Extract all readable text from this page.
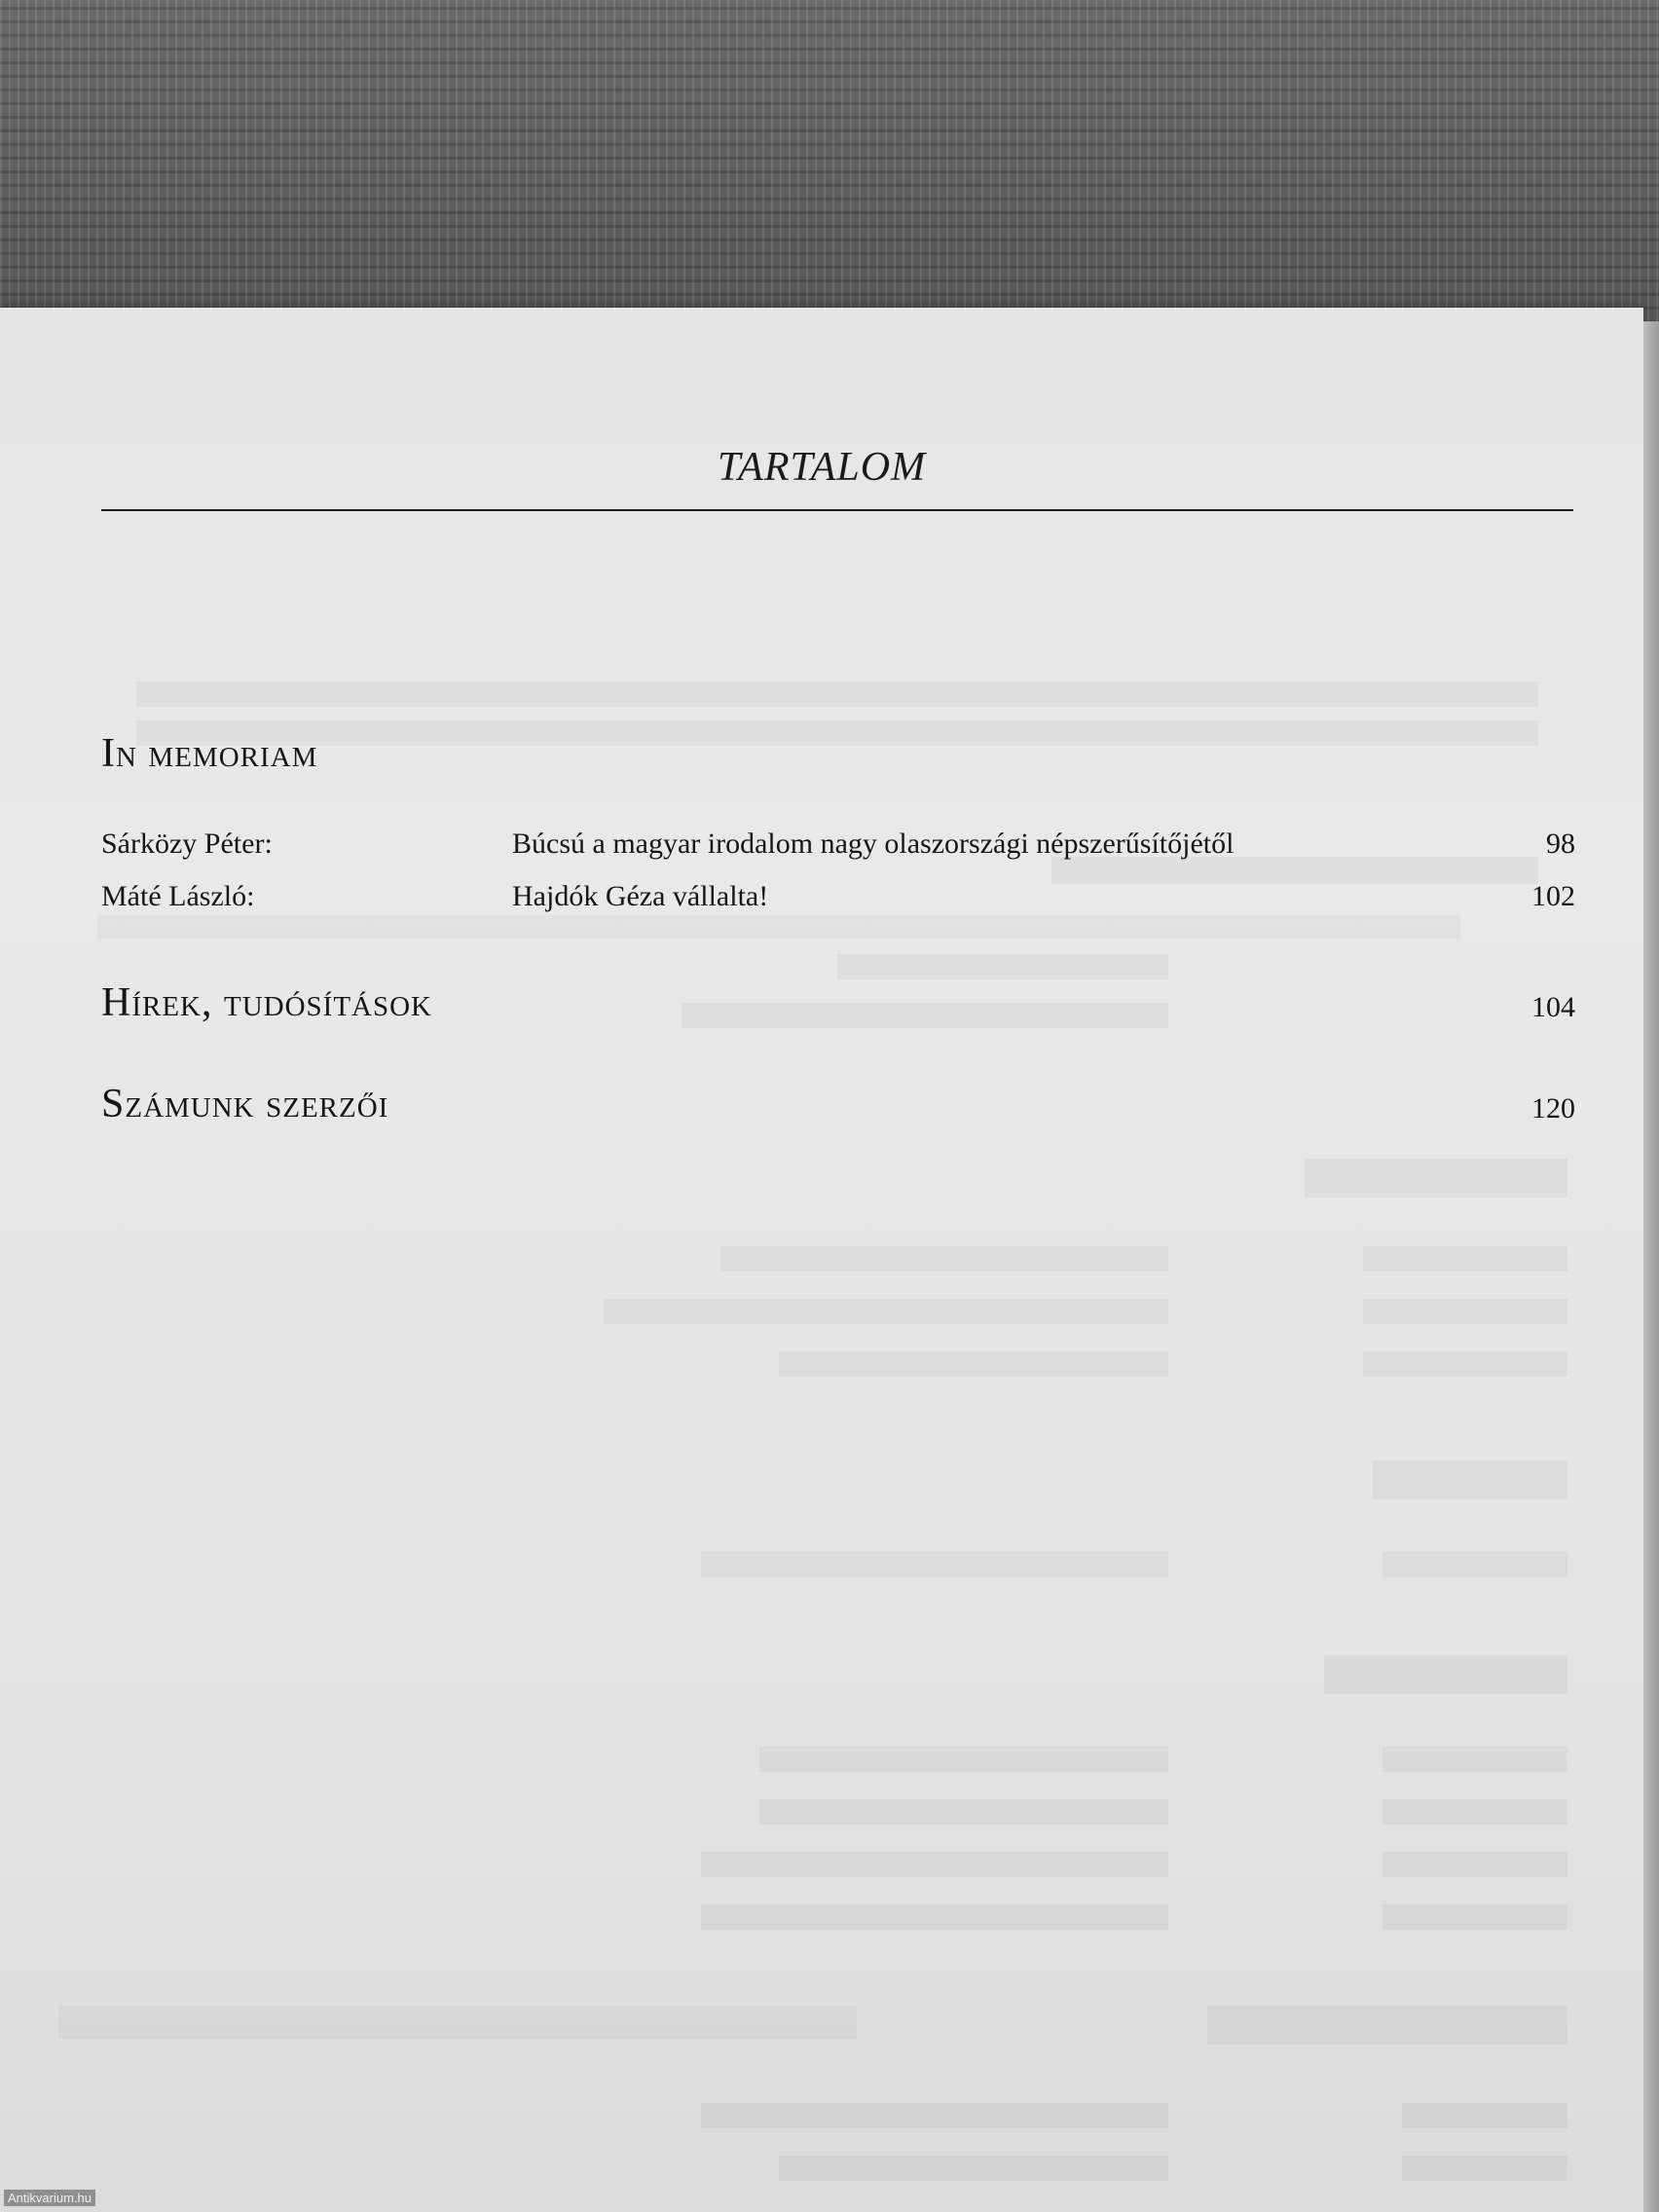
TARTALOM
In memoriam
Sárközy Péter:	Búcsú a magyar irodalom nagy olaszországi népszerűsítőjétől	98
Máté László:	Hajdók Géza vállalta!	102
Hírek, tudósítások	104
Számunk szerzői	120
Antikvarium.hu
